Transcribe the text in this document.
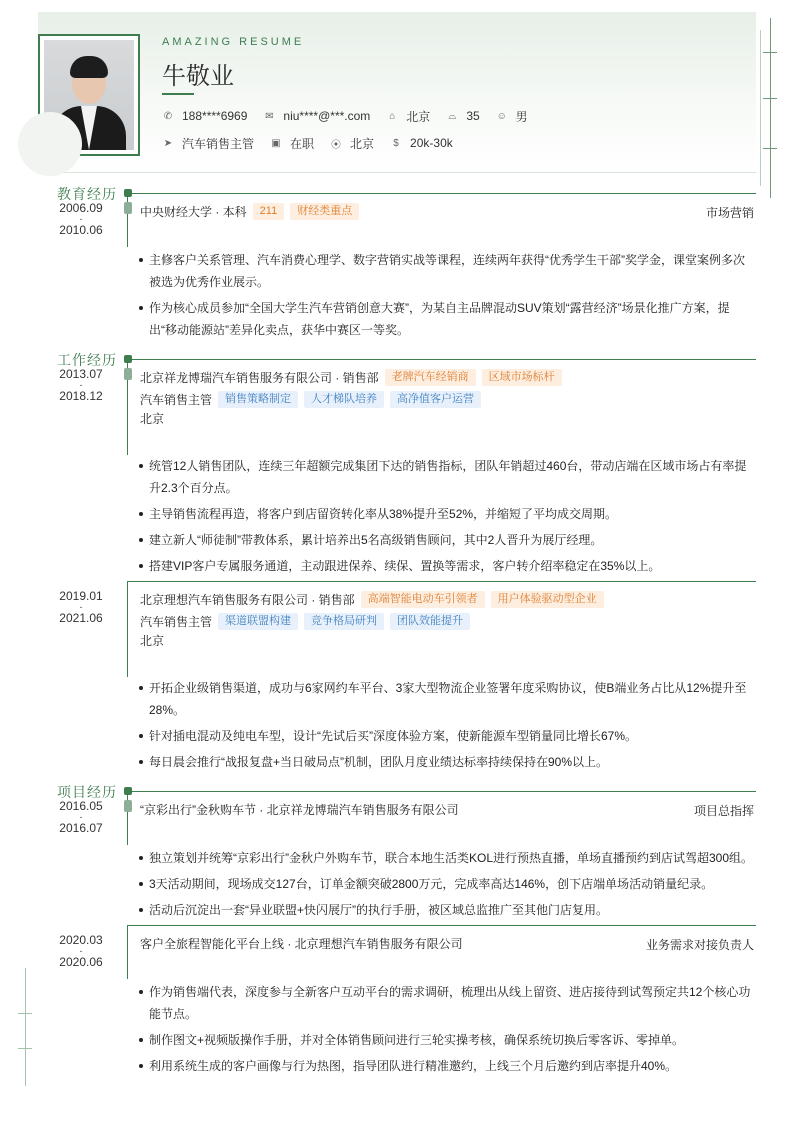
AMAZING RESUME
牛敬业
✆ 188****6969 ✉ niu****@***.com ⌂ 北京 ⌓ 35 ☺ 男
➤ 汽车销售主管 ▣ 在职 ⦿ 北京	$ 20k-30k
教育经历
2006.09
-
2010.06
中央财经大学 · 本科	211	财经类重点	市场营销
主修客户关系管理、汽车消费心理学、数字营销实战等课程，连续两年获得“优秀学生干部”奖学金，课堂案例多次被选为优秀作业展示。
作为核心成员参加“全国大学生汽车营销创意大赛”，为某自主品牌混动SUV策划“露营经济”场景化推广方案，提出“移动能源站”差异化卖点，获华中赛区一等奖。
工作经历
2013.07
-
2018.12
北京祥龙博瑞汽车销售服务有限公司 · 销售部	老牌汽车经销商	区域市场标杆
汽车销售主管	销售策略制定	人才梯队培养	高净值客户运营
北京
统管12人销售团队，连续三年超额完成集团下达的销售指标，团队年销超过460台，带动店端在区域市场占有率提升2.3个百分点。
主导销售流程再造，将客户到店留资转化率从38%提升至52%，并缩短了平均成交周期。
建立新人“师徒制”带教体系，累计培养出5名高级销售顾问，其中2人晋升为展厅经理。
搭建VIP客户专属服务通道，主动跟进保养、续保、置换等需求，客户转介绍率稳定在35%以上。
2019.01
-
2021.06
北京理想汽车销售服务有限公司 · 销售部	高端智能电动车引领者	用户体验驱动型企业
汽车销售主管	渠道联盟构建	竞争格局研判	团队效能提升
北京
开拓企业级销售渠道，成功与6家网约车平台、3家大型物流企业签署年度采购协议，使B端业务占比从12%提升至28%。
针对插电混动及纯电车型，设计“先试后买”深度体验方案，使新能源车型销量同比增长67%。
每日晨会推行“战报复盘+当日破局点”机制，团队月度业绩达标率持续保持在90%以上。
项目经历
2016.05
-
2016.07
“京彩出行”金秋购车节 · 北京祥龙博瑞汽车销售服务有限公司	项目总指挥
独立策划并统筹“京彩出行”金秋户外购车节，联合本地生活类KOL进行预热直播，单场直播预约到店试驾超300组。
3天活动期间，现场成交127台，订单金额突破2800万元，完成率高达146%，创下店端单场活动销量纪录。
活动后沉淀出一套“异业联盟+快闪展厅”的执行手册，被区域总监推广至其他门店复用。
2020.03
-
2020.06
客户全旅程智能化平台上线 · 北京理想汽车销售服务有限公司	业务需求对接负责人
作为销售端代表，深度参与全新客户互动平台的需求调研，梳理出从线上留资、进店接待到试驾预定共12个核心功能节点。
制作图文+视频版操作手册，并对全体销售顾问进行三轮实操考核，确保系统切换后零客诉、零掉单。
利用系统生成的客户画像与行为热图，指导团队进行精准邀约，上线三个月后邀约到店率提升40%。
